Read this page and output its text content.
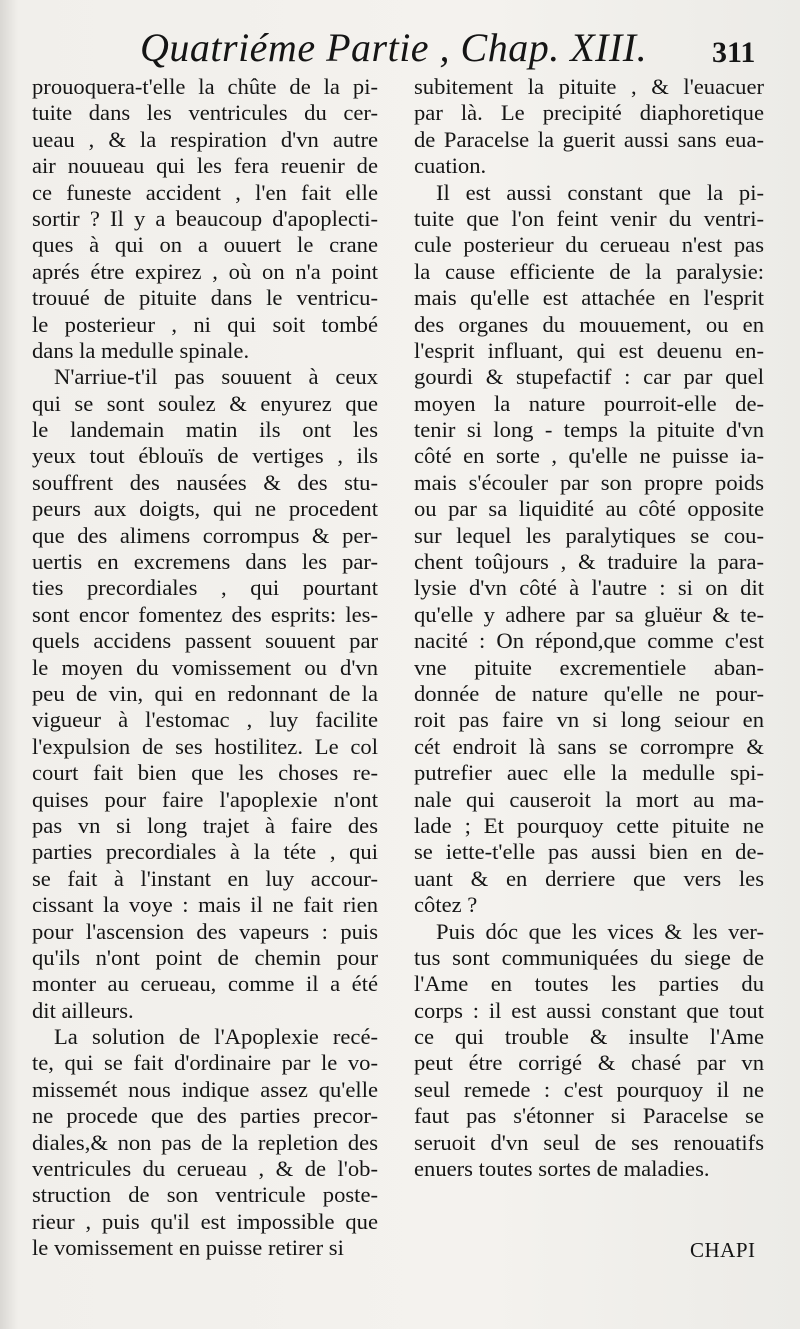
Quatriéme Partie , Chap. XIII. 311
prouoquera-t'elle la chûte de la pi-
tuite dans les ventricules du cer-
ueau , & la respiration d'vn autre
air nouueau qui les fera reuenir de
ce funeste accident , l'en fait elle
sortir ? Il y a beaucoup d'apoplecti-
ques à qui on a ouuert le crane
aprés étre expirez , où on n'a point
trouué de pituite dans le ventricu-
le posterieur , ni qui soit tombé
dans la medulle spinale.
N'arriue-t'il pas souuent à ceux
qui se sont soulez & enyurez que
le landemain matin ils ont les
yeux tout éblouïs de vertiges , ils
souffrent des nausées & des stu-
peurs aux doigts, qui ne procedent
que des alimens corrompus & per-
uertis en excremens dans les par-
ties precordiales , qui pourtant
sont encor fomentez des esprits: les-
quels accidens passent souuent par
le moyen du vomissement ou d'vn
peu de vin, qui en redonnant de la
vigueur à l'estomac , luy facilite
l'expulsion de ses hostilitez. Le col
court fait bien que les choses re-
quises pour faire l'apoplexie n'ont
pas vn si long trajet à faire des
parties precordiales à la téte , qui
se fait à l'instant en luy accour-
cissant la voye : mais il ne fait rien
pour l'ascension des vapeurs : puis
qu'ils n'ont point de chemin pour
monter au cerueau, comme il a été
dit ailleurs.
La solution de l'Apoplexie recé-
te, qui se fait d'ordinaire par le vo-
missemét nous indique assez qu'elle
ne procede que des parties precor-
diales,& non pas de la repletion des
ventricules du cerueau , & de l'ob-
struction de son ventricule poste-
rieur , puis qu'il est impossible que
le vomissement en puisse retirer si
subitement la pituite , & l'euacuer
par là. Le precipité diaphoretique
de Paracelse la guerit aussi sans eua-
cuation.
Il est aussi constant que la pi-
tuite que l'on feint venir du ventri-
cule posterieur du cerueau n'est pas
la cause efficiente de la paralysie:
mais qu'elle est attachée en l'esprit
des organes du mouuement, ou en
l'esprit influant, qui est deuenu en-
gourdi & stupefactif : car par quel
moyen la nature pourroit-elle de-
tenir si long - temps la pituite d'vn
côté en sorte , qu'elle ne puisse ia-
mais s'écouler par son propre poids
ou par sa liquidité au côté opposite
sur lequel les paralytiques se cou-
chent toûjours , & traduire la para-
lysie d'vn côté à l'autre : si on dit
qu'elle y adhere par sa gluëur & te-
nacité : On répond,que comme c'est
vne pituite excrementiele aban-
donnée de nature qu'elle ne pour-
roit pas faire vn si long seiour en
cét endroit là sans se corrompre &
putrefier auec elle la medulle spi-
nale qui causeroit la mort au ma-
lade ; Et pourquoy cette pituite ne
se iette-t'elle pas aussi bien en de-
uant & en derriere que vers les
côtez ?
Puis dóc que les vices & les ver-
tus sont communiquées du siege de
l'Ame en toutes les parties du
corps : il est aussi constant que tout
ce qui trouble & insulte l'Ame
peut étre corrigé & chasé par vn
seul remede : c'est pourquoy il ne
faut pas s'étonner si Paracelse se
seruoit d'vn seul de ses renouatifs
enuers toutes sortes de maladies.
CHAPI
